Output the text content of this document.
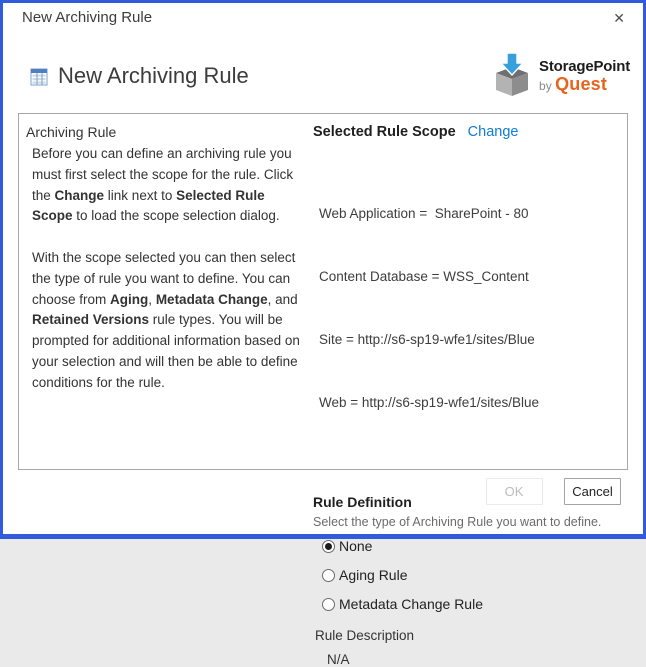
New Archiving Rule	✕
New Archiving Rule	StoragePoint
by Quest
Archiving Rule

Before you can define an archiving rule you must first select the scope for the rule. Click the Change link next to Selected Rule Scope to load the scope selection dialog.

With the scope selected you can then select the type of rule you want to define. You can choose from Aging, Metadata Change, and Retained Versions rule types. You will be prompted for additional information based on your selection and will then be able to define conditions for the rule.

Selected Rule Scope Change

Web Application =  SharePoint - 80

Content Database = WSS_Content

Site = http://s6-sp19-wfe1/sites/Blue

Web = http://s6-sp19-wfe1/sites/Blue

Rule Definition
Select the type of Archiving Rule you want to define.
None
Aging Rule
Metadata Change Rule
Rule Description
N/A
OK	Cancel
